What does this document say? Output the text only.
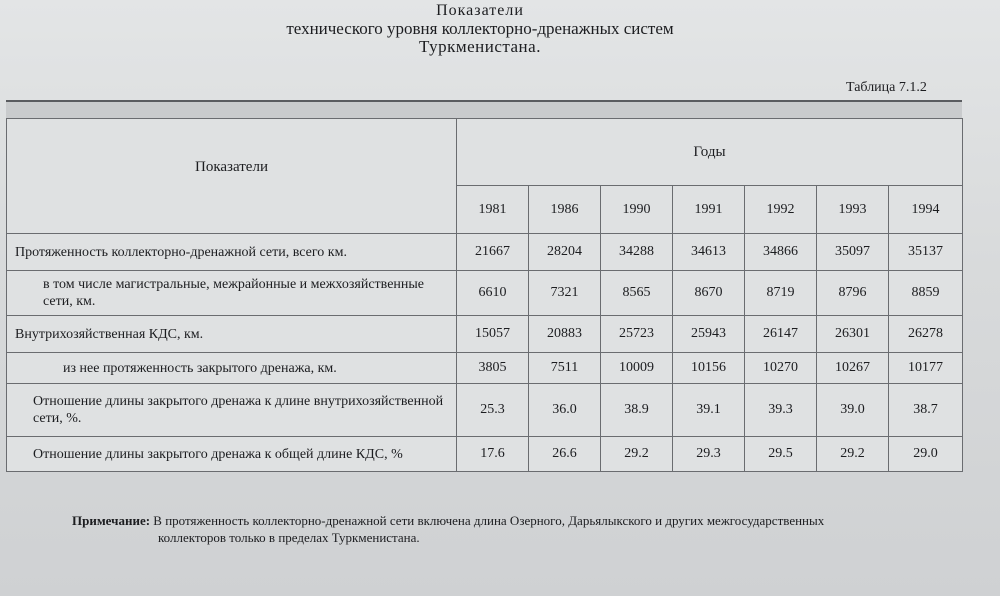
Показатели
технического уровня коллекторно-дренажных систем
Туркменистана.
Таблица 7.1.2
Показатели	Годы						
	1981	1986	1990	1991	1992	1993	1994
Протяженность коллекторно-дренажной сети, всего км.	21667	28204	34288	34613	34866	35097	35137
в том числе магистральные, межрайонные и межхозяйственные сети, км.	6610	7321	8565	8670	8719	8796	8859
Внутрихозяйственная КДС, км.	15057	20883	25723	25943	26147	26301	26278
из нее протяженность закрытого дренажа, км.	3805	7511	10009	10156	10270	10267	10177
Отношение длины закрытого дренажа к длине внутрихозяйственной сети, %.	25.3	36.0	38.9	39.1	39.3	39.0	38.7
Отношение длины закрытого дренажа к общей длине КДС, %	17.6	26.6	29.2	29.3	29.5	29.2	29.0
Примечание: В протяженность коллекторно-дренажной сети включена длина Озерного, Дарьялыкского и других межгосударственных
коллекторов только в пределах Туркменистана.
